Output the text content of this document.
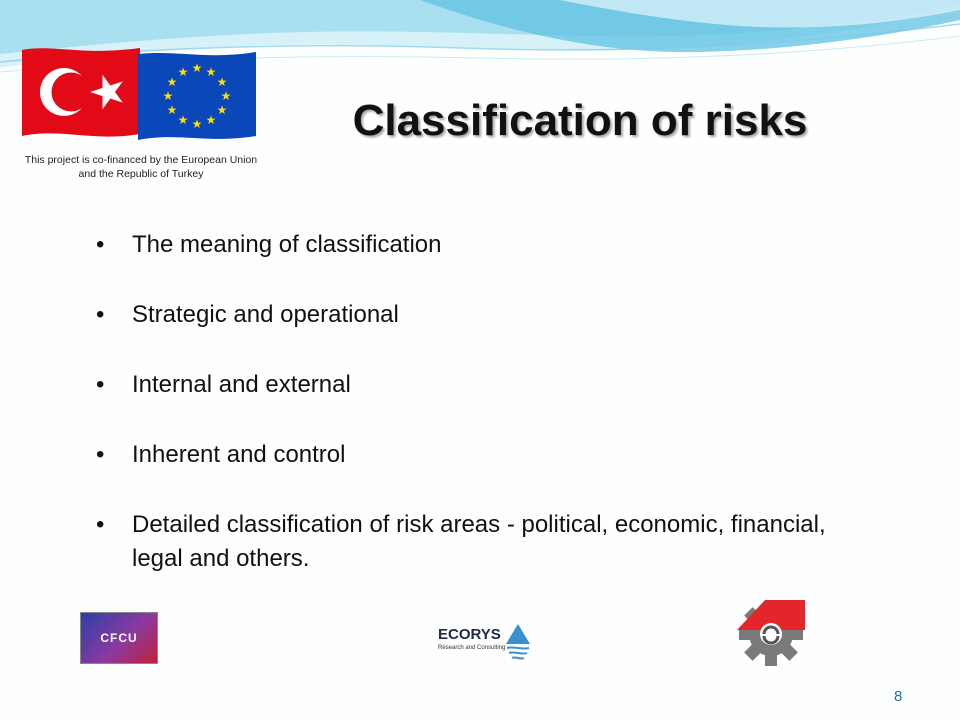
★ ★
★
★
★
★
★
★
★
★
★
★
This project is co-financed by the European Union and the Republic of Turkey
Classification of risks
• The meaning of classification
• Strategic and operational
• Internal and external
• Inherent and control
• Detailed classification of risk areas - political, economic, financial, legal and others.
CFCU	ECORYS
Research and Consulting
8
